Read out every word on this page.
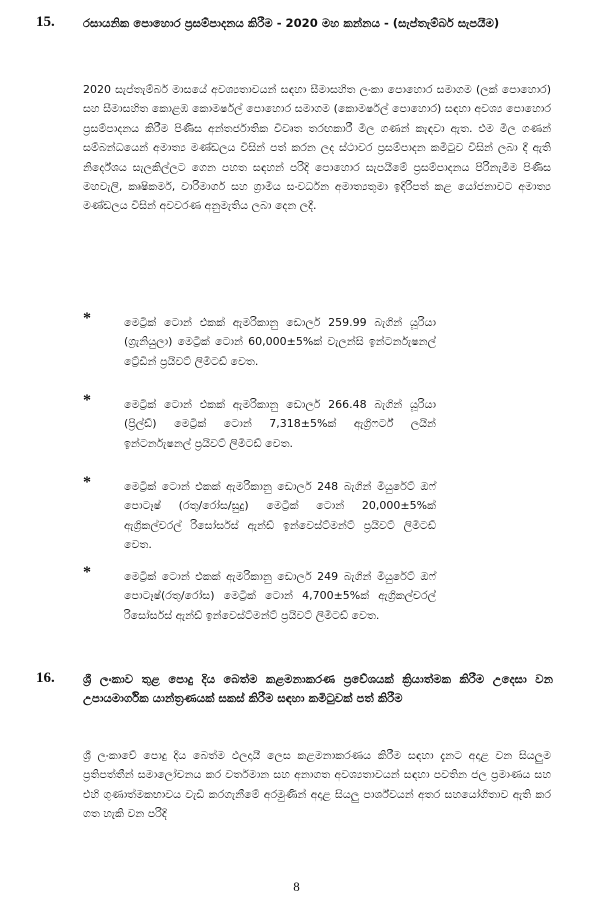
15. රසායනික පොහොර ප්‍රසම්පාදනය කිරීම - 2020 මහ කන්නය - (සැප්තැම්බර් සැපයීම)
2020 සැප්තැම්බර් මාසයේ අවශ්‍යතාවයන් සඳහා සීමාසහිත ලංකා පොහොර සමාගම (ලක් පොහොර) සහ සීමාසහිත කොළඹ කොමර්ෂල් පොහොර සමාගම (කොමර්ෂල් පොහොර) සඳහා අවශ්‍ය පොහොර ප්‍රසම්පාදනය කිරීම පිණිස අන්තර්ජාතික විවෘත තරඟකාරී මිල ගණන් කැඳවා ඇත. එම මිල ගණන් සම්බන්ධයෙන් අමාත්‍ය මණ්ඩලය විසින් පත් කරන ලද ස්ථාවර ප්‍රසම්පාදන කමිටුව විසින් ලබා දී ඇති නිර්දේශය සැලකිල්ලට ගෙන පහත සඳහන් පරිදි පොහොර සැපයීමේ ප්‍රසම්පාදනය පිරිනැමීම පිණිස මහවැලි, කෘෂිකර්ම, වාරිමාර්ග සහ ග්‍රාමීය සංවර්ධන අමාත්‍යතුමා ඉදිරිපත් කළ යෝජනාවට අමාත්‍ය මණ්ඩලය විසින් අවවරණ අනුමැතිය ලබා දෙන ලදී.
*	මෙට්‍රික් ටොන් එකක් ඇමරිකානු ඩොලර් 259.99 බැගින් යූරියා (ග්‍රැනියුලා) මෙට්‍රික් ටොන් 60,000±5%ක් වැලන්සි ඉන්ටර්නැෂනල් ට්‍රේඩින් ප්‍රයිවට් ලිමිටඩ් වෙත.
*	මෙට්‍රික් ටොන් එකක් ඇමරිකානු ඩොලර් 266.48 බැගින් යූරියා (ප්‍රිල්ඩ්) මෙට්‍රික් ටොන් 7,318±5%ක් ඇග්‍රිෆර්ට් ලයින් ඉන්ටර්නැෂනල් ප්‍රයිවට් ලිමිටඩ් වෙත.
*	මෙට්‍රික් ටොන් එකක් ඇමරිකානු ඩොලර් 248 බැගින් මියුරේට් ඔෆ් පොටෑෂ් (රතු/රෝස/සුදු) මෙට්‍රික් ටොන් 20,000±5%ක් ඇග්‍රිකල්චරල් රිසෝර්සස් ඇන්ඩ් ඉන්වෙස්ට්මන්ට් ප්‍රයිවට් ලිමිටඩ් වෙත.
*	මෙට්‍රික් ටොන් එකක් ඇමරිකානු ඩොලර් 249 බැගින් මියුරේට් ඔෆ් පොටෑෂ්(රතු/රෝස) මෙට්‍රික් ටොන් 4,700±5%ක් ඇග්‍රිකල්චරල් රිසෝර්සස් ඇන්ඩ් ඉන්වෙස්ට්මන්ට් ප්‍රයිවට් ලිමිටඩ් වෙත.
16. ශ්‍රී ලංකාව තුළ පොදු දිය බෙත්ම කළමනාකරණ ප්‍රවේශයක් ක්‍රියාත්මක කිරීම උදෙසා වන උපායමාර්ගික යාන්ත්‍රණයක් සකස් කිරීම සඳහා කමිටුවක් පත් කිරීම
ශ්‍රී ලංකාවේ පොදු දිය බෙත්ම ඵලදායී ලෙස කළමනාකරණය කිරීම සඳහා දැනට අදාළ වන සියලුම ප්‍රතිපත්තීන් සමාලෝචනය කර වර්තමාන සහ අනාගත අවශ්‍යතාවයන් සඳහා පවතින ජල ප්‍රමාණය සහ එහි ගුණාත්මකභාවය වැඩි කරගැනීමේ අරමුණින් අදාළ සියලු පාර්ශ්වයන් අතර සහයෝගිතාව ඇති කර ගත හැකි වන පරිදි
8
